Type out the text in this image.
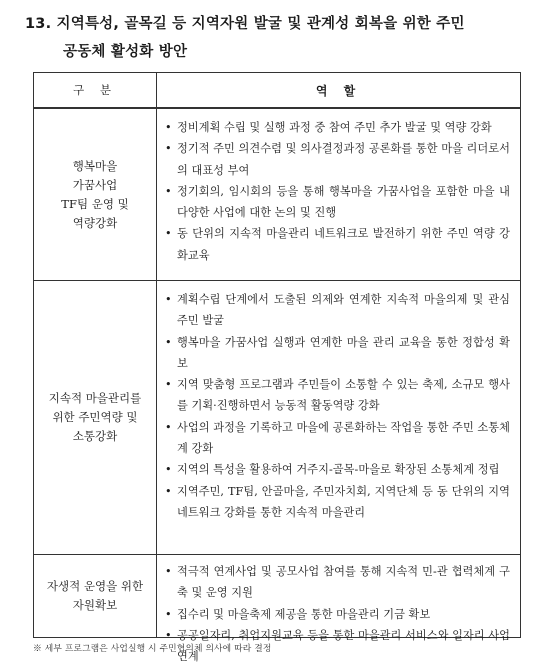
13. 지역특성, 골목길 등 지역자원 발굴 및 관계성 회복을 위한 주민
공동체 활성화 방안
구 분	역 할
행복마을
가꿈사업
TF팀 운영 및
역량강화
• 정비계획 수립 및 실행 과정 중 참여 주민 추가 발굴 및 역량 강화
• 정기적 주민 의견수렴 및 의사결정과정 공론화를 통한 마을 리더로서의 대표성 부여
• 정기회의, 임시회의 등을 통해 행복마을 가꿈사업을 포함한 마을 내 다양한 사업에 대한 논의 및 진행
• 동 단위의 지속적 마을관리 네트워크로 발전하기 위한 주민 역량 강화교육
지속적 마을관리를
위한 주민역량 및
소통강화
• 계획수립 단계에서 도출된 의제와 연계한 지속적 마을의제 및 관심 주민 발굴
• 행복마을 가꿈사업 실행과 연계한 마을 관리 교육을 통한 정합성 확보
• 지역 맞춤형 프로그램과 주민들이 소통할 수 있는 축제, 소규모 행사를 기획·진행하면서 능동적 활동역량 강화
• 사업의 과정을 기록하고 마을에 공론화하는 작업을 통한 주민 소통체계 강화
• 지역의 특성을 활용하여 거주지-골목-마을로 확장된 소통체계 정립
• 지역주민, TF팀, 안골마을, 주민자치회, 지역단체 등 동 단위의 지역네트워크 강화를 통한 지속적 마을관리
자생적 운영을 위한
자원확보
• 적극적 연계사업 및 공모사업 참여를 통해 지속적 민-관 협력체계 구축 및 운영 지원
• 집수리 및 마을축제 제공을 통한 마을관리 기금 확보
• 공공일자리, 취업지원교육 등을 통한 마을관리 서비스와 일자리 사업 연계
※ 세부 프로그램은 사업실행 시 주민협의체 의사에 따라 결정
